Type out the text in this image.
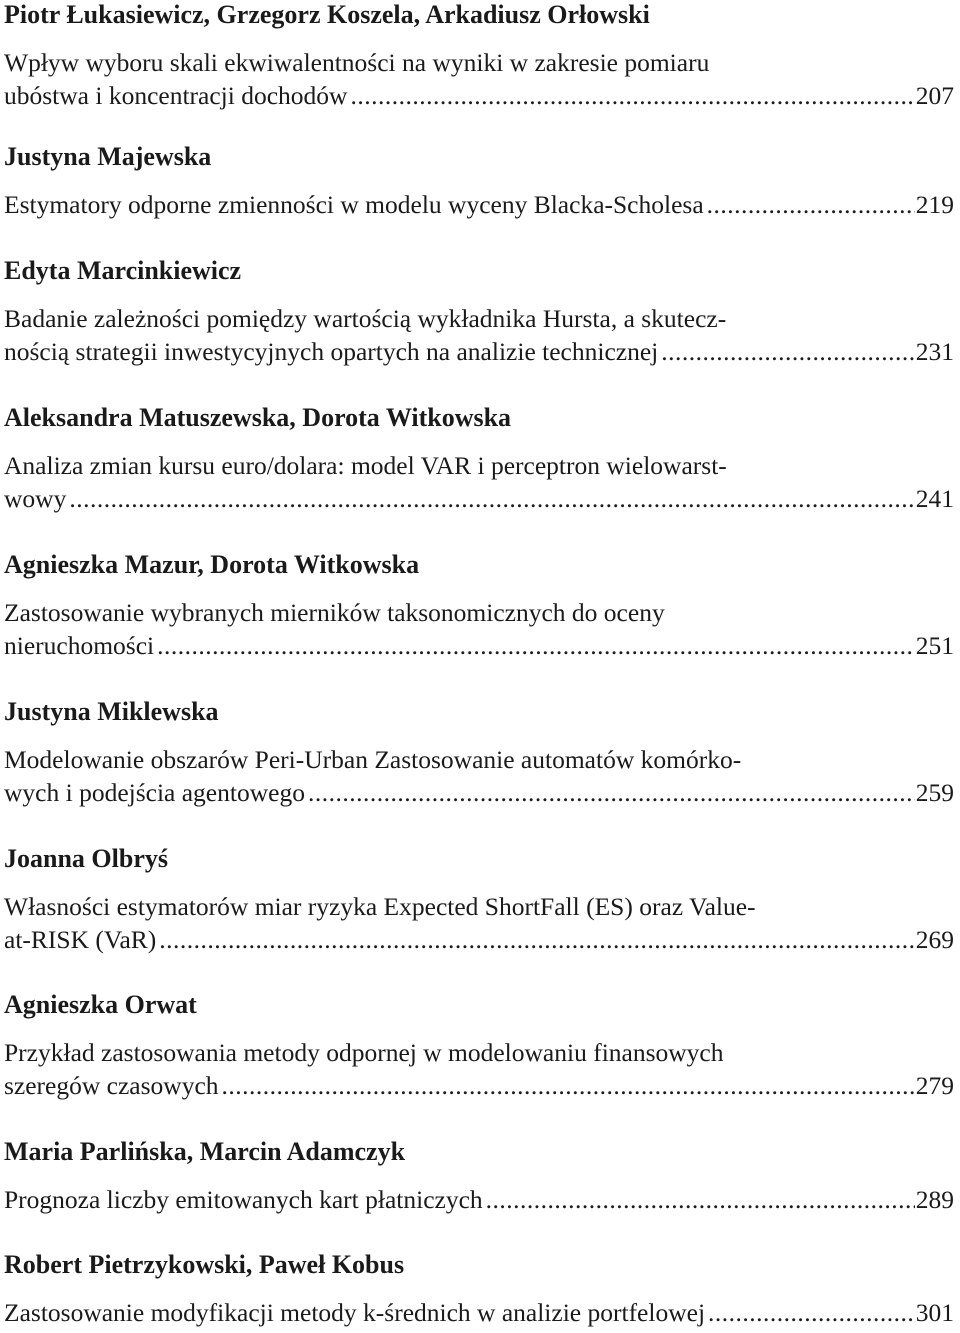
Piotr Łukasiewicz, Grzegorz Koszela, Arkadiusz Orłowski
Wpływ wyboru skali ekwiwalentności na wyniki w zakresie pomiaru
ubóstwa i koncentracji dochodów .....	207
Justyna Majewska
Estymatory odporne zmienności w modelu wyceny Blacka-Scholesa .....	219
Edyta Marcinkiewicz
Badanie zależności pomiędzy wartością wykładnika Hursta, a skutecz-
nością strategii inwestycyjnych opartych na analizie technicznej .....	231
Aleksandra Matuszewska, Dorota Witkowska
Analiza zmian kursu euro/dolara: model VAR i perceptron wielowarst-
wowy .....	241
Agnieszka Mazur, Dorota Witkowska
Zastosowanie wybranych mierników taksonomicznych do oceny
nieruchomości .....	251
Justyna Miklewska
Modelowanie obszarów Peri-Urban Zastosowanie automatów komórko-
wych i podejścia agentowego .....	259
Joanna Olbryś
Własności estymatorów miar ryzyka Expected ShortFall (ES) oraz Value-
at-RISK (VaR) .....	269
Agnieszka Orwat
Przykład zastosowania metody odpornej w modelowaniu finansowych
szeregów czasowych .....	279
Maria Parlińska, Marcin Adamczyk
Prognoza liczby emitowanych kart płatniczych .....	289
Robert Pietrzykowski, Paweł Kobus
Zastosowanie modyfikacji metody k-średnich w analizie portfelowej .....	301
